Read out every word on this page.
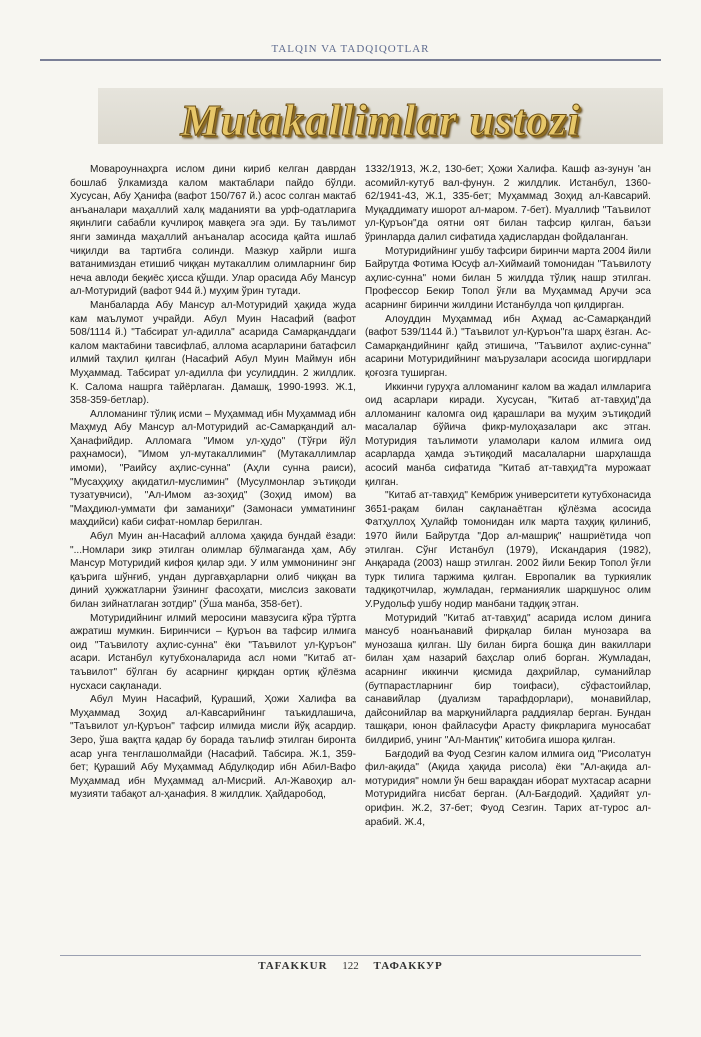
TALQIN VA TADQIQOTLAR
Mutakallimlar ustozi

Мовароуннаҳрга ислом дини кириб келган даврдан бошлаб ўлкамизда калом мактаблари пайдо бўлди. Хусусан, Абу Ҳанифа (вафот 150/767 й.) асос солган мактаб анъаналари маҳаллий халқ маданияти ва урф-одатларига яқинлиги сабабли кучлироқ мавқега эга эди. Бу таълимот янги заминда маҳаллий анъаналар асосида қайта ишлаб чиқилди ва тартибга солинди. Мазкур хайрли ишга ватанимиздан етишиб чиққан мутакаллим олимларнинг бир неча авлоди беқиёс ҳисса қўшди. Улар орасида Абу Мансур ал-Мотуридий (вафот 944 й.) муҳим ўрин тутади.

Манбаларда Абу Мансур ал-Мотуридий ҳақида жуда кам маълумот учрайди. Абул Муин Насафий (вафот 508/1114 й.) "Табсират ул-адилла" асарида Самарқанддаги калом мактабини тавсифлаб, аллома асарларини батафсил илмий таҳлил қилган (Насафий Абул Муин Маймун ибн Муҳаммад. Табсират ул-адилла фи усулиддин. 2 жилдлик. К. Салома нашрга тайёрлаган. Дамашқ, 1990-1993. Ж.1, 358-359-бетлар).

Алломанинг тўлиқ исми – Муҳаммад ибн Муҳаммад ибн Маҳмуд Абу Мансур ал-Мотуридий ас-Самарқандий ал-Ҳанафийдир. Алломага "Имом ул-ҳудо" (Тўғри йўл раҳнамоси), "Имом ул-мутакаллимин" (Мутакаллимлар имоми), "Раийсу аҳлис-сунна" (Аҳли сунна раиси), "Мусаҳҳиҳу ақидатил-муслимин" (Мусулмонлар эътиқоди тузатувчиси), "Ал-Имом аз-зоҳид" (Зоҳид имом) ва "Маҳдиюл-уммати фи заманиҳи" (Замонаси умматининг маҳдийси) каби сифат-номлар берилган.

Абул Муин ан-Насафий аллома ҳақида бундай ёзади: "...Номлари зикр этилган олимлар бўлмаганда ҳам, Абу Мансур Мотуридий кифоя қилар эди. У илм уммонининг энг қаърига шўнғиб, ундан дургавҳарларни олиб чиққан ва диний ҳужжатларни ўзининг фасоҳати, мислсиз заковати билан зийнатлаган зотдир" (Ўша манба, 358-бет).

Мотуридийнинг илмий меросини мавзусига кўра тўртга ажратиш мумкин. Биринчиси – Қуръон ва тафсир илмига оид "Таъвилоту аҳлис-сунна" ёки "Таъвилот ул-Қуръон" асари. Истанбул кутубхоналарида асл номи "Китаб ат-таъвилот" бўлган бу асарнинг қирқдан ортиқ қўлёзма нусхаси сақланади.

Абул Муин Насафий, Қураший, Ҳожи Халифа ва Муҳаммад Зоҳид ал-Кавсарийнинг таъкидлашича, "Таъвилот ул-Қуръон" тафсир илмида мисли йўқ асардир. Зеро, ўша вақтга қадар бу борада таълиф этилган биронта асар унга тенглашолмайди (Насафий. Табсира. Ж.1, 359-бет; Қураший Абу Муҳаммад Абдулқодир ибн Абил-Вафо Муҳаммад ибн Муҳаммад ал-Мисрий. Ал-Жавоҳир ал-музияти табақот ал-ҳанафия. 8 жилдлик. Ҳайдаробод,

1332/1913, Ж.2, 130-бет; Ҳожи Халифа. Кашф аз-зунун 'ан асомийл-кутуб вал-фунун. 2 жилдлик. Истанбул, 1360-62/1941-43, Ж.1, 335-бет; Муҳаммад Зоҳид ал-Кавсарий. Муқаддимату ишорот ал-маром. 7-бет). Муаллиф "Таъвилот ул-Қуръон"да оятни оят билан тафсир қилган, баъзи ўринларда далил сифатида ҳадислардан фойдаланган.

Мотуридийнинг ушбу тафсири биринчи марта 2004 йили Байрутда Фотима Юсуф ал-Хиймаий томонидан "Таъвилоту аҳлис-сунна" номи билан 5 жилдда тўлиқ нашр этилган. Профессор Бекир Топол ўғли ва Муҳаммад Аручи эса асарнинг биринчи жилдини Истанбулда чоп қилдирган.

Алоуддин Муҳаммад ибн Аҳмад ас-Самарқандий (вафот 539/1144 й.) "Таъвилот ул-Қуръон"га шарҳ ёзган. Ас-Самарқандийнинг қайд этишича, "Таъвилот аҳлис-сунна" асарини Мотуридийнинг маърузалари асосида шогирдлари қоғозга туширган.

Иккинчи гуруҳга алломанинг калом ва жадал илмларига оид асарлари киради. Хусусан, "Китаб ат-тавҳид"да алломанинг каломга оид қарашлари ва муҳим эътиқодий масалалар бўйича фикр-мулоҳазалари акс этган. Мотуридия таълимоти уламолари калом илмига оид асарларда ҳамда эътиқодий масалаларни шарҳлашда асосий манба сифатида "Китаб ат-тавҳид"га мурожаат қилган.

"Китаб ат-тавҳид" Кембриж университети кутубхонасида 3651-рақам билан сақланаётган қўлёзма асосида Фатҳуллоҳ Ҳулайф томонидан илк марта таҳқиқ қилиниб, 1970 йили Байрутда "Дор ал-машриқ" нашриётида чоп этилган. Сўнг Истанбул (1979), Искандария (1982), Анқарада (2003) нашр этилган. 2002 йили Бекир Топол ўғли турк тилига таржима қилган. Европалик ва туркиялик тадқиқотчилар, жумладан, германиялик шарқшунос олим У.Рудольф ушбу нодир манбани тадқиқ этган.

Мотуридий "Китаб ат-тавҳид" асарида ислом динига мансуб ноанъанавий фирқалар билан мунозара ва мунозаша қилган. Шу билан бирга бошқа дин вакиллари билан ҳам назарий баҳслар олиб борган. Жумладан, асарнинг иккинчи қисмида даҳрийлар, суманийлар (бутпарастларнинг бир тоифаси), сўфастоийлар, санавийлар (дуализм тарафдорлари), монавийлар, дайсонийлар ва марқунийларга раддиялар берган. Бундан ташқари, юнон файласуфи Арасту фикрларига муносабат билдириб, унинг "Ал-Мантиқ" китобига ишора қилган.

Бағдодий ва Фуод Сезгин калом илмига оид "Рисолатун фил-ақида" (Ақида ҳақида рисола) ёки "Ал-ақида ал-мотуридия" номли ўн беш варақдан иборат мухтасар асарни Мотуридийга нисбат берган. (Ал-Бағдодий. Ҳадийят ул-орифин. Ж.2, 37-бет; Фуод Сезгин. Тарих ат-турос ал-арабий. Ж.4,

TAFAKKUR 122 ТАФАККУР
